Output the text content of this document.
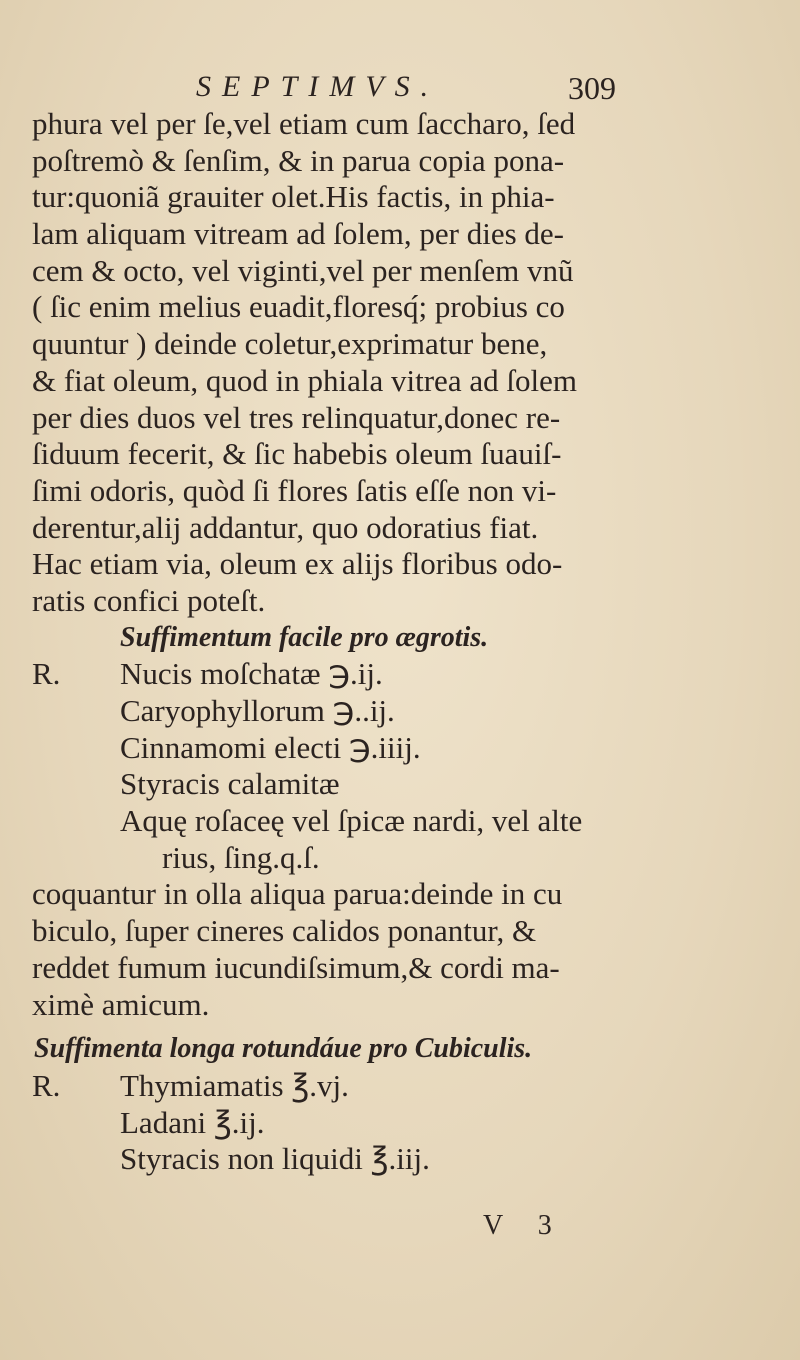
SEPTIMVS.	309
phura vel per ſe,vel etiam cum ſaccharo, ſed
poſtremò & ſenſim, & in parua copia pona-
tur:quoniã grauiter olet.His factis, in phia-
lam aliquam vitream ad ſolem, per dies de-
cem & octo, vel viginti,vel per menſem vnũ
( ſic enim melius euadit,floresq́; probius co
quuntur ) deinde coletur,exprimatur bene,
& fiat oleum, quod in phiala vitrea ad ſolem
per dies duos vel tres relinquatur,donec re-
ſiduum fecerit, & ſic habebis oleum ſuauiſ-
ſimi odoris, quòd ſi flores ſatis eſſe non vi-
derentur,alij addantur, quo odoratius fiat.
Hac etiam via, oleum ex alijs floribus odo-
ratis confici poteſt.
Suffimentum facile pro ægrotis.
R. Nucis moſchatæ ℈.ij.
Caryophyllorum ℈..ij.
Cinnamomi electi ℈.iiij.
Styracis calamitæ
Aquę roſaceę vel ſpicæ nardi, vel alte
rius, ſing.q.ſ.
coquantur in olla aliqua parua:deinde in cu
biculo, ſuper cineres calidos ponantur, &
reddet fumum iucundiſsimum,& cordi ma-
ximè amicum.
Suffimenta longa rotundáue pro Cubiculis.
R. Thymiamatis ℥.vj.
Ladani ℥.ij.
Styracis non liquidi ℥.iij.
V 3
